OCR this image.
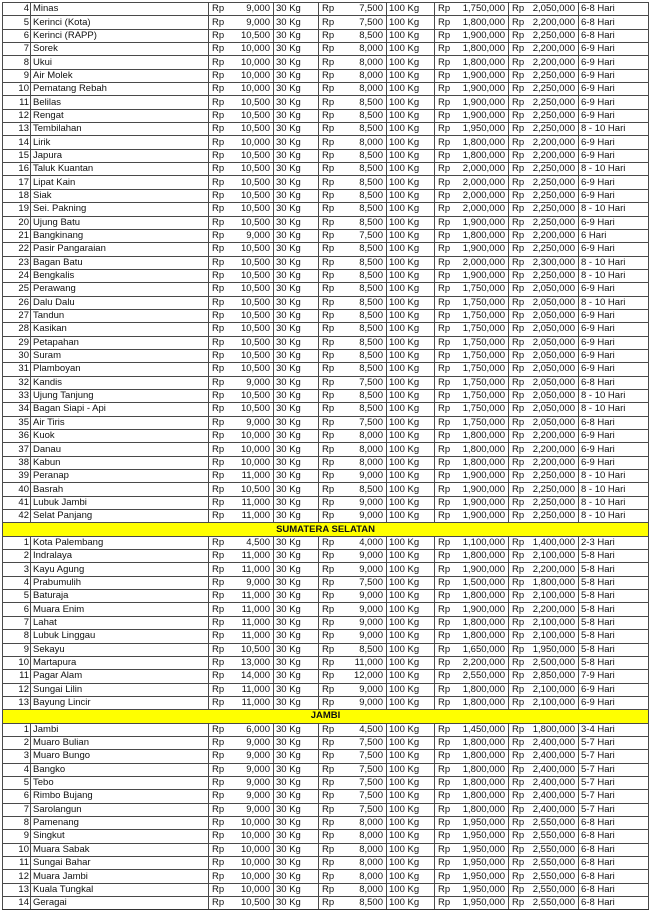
4	Minas	Rp	9,000	30 Kg	Rp	7,500	100 Kg	Rp	1,750,000	Rp	2,050,000	6-8 Hari
5	Kerinci (Kota)	Rp	9,000	30 Kg	Rp	7,500	100 Kg	Rp	1,800,000	Rp	2,200,000	6-8 Hari
6	Kerinci (RAPP)	Rp	10,500	30 Kg	Rp	8,500	100 Kg	Rp	1,900,000	Rp	2,250,000	6-8 Hari
7	Sorek	Rp	10,000	30 Kg	Rp	8,000	100 Kg	Rp	1,800,000	Rp	2,200,000	6-9 Hari
8	Ukui	Rp	10,000	30 Kg	Rp	8,000	100 Kg	Rp	1,800,000	Rp	2,200,000	6-9 Hari
9	Air Molek	Rp	10,000	30 Kg	Rp	8,000	100 Kg	Rp	1,900,000	Rp	2,250,000	6-9 Hari
10	Pematang Rebah	Rp	10,000	30 Kg	Rp	8,000	100 Kg	Rp	1,900,000	Rp	2,250,000	6-9 Hari
11	Belilas	Rp	10,500	30 Kg	Rp	8,500	100 Kg	Rp	1,900,000	Rp	2,250,000	6-9 Hari
12	Rengat	Rp	10,500	30 Kg	Rp	8,500	100 Kg	Rp	1,900,000	Rp	2,250,000	6-9 Hari
13	Tembilahan	Rp	10,500	30 Kg	Rp	8,500	100 Kg	Rp	1,950,000	Rp	2,250,000	8 - 10 Hari
14	Lirik	Rp	10,000	30 Kg	Rp	8,000	100 Kg	Rp	1,800,000	Rp	2,200,000	6-9 Hari
15	Japura	Rp	10,500	30 Kg	Rp	8,500	100 Kg	Rp	1,800,000	Rp	2,200,000	6-9 Hari
16	Taluk Kuantan	Rp	10,500	30 Kg	Rp	8,500	100 Kg	Rp	2,000,000	Rp	2,250,000	8 - 10 Hari
17	Lipat Kain	Rp	10,500	30 Kg	Rp	8,500	100 Kg	Rp	2,000,000	Rp	2,250,000	6-9 Hari
18	Siak	Rp	10,500	30 Kg	Rp	8,500	100 Kg	Rp	2,000,000	Rp	2,250,000	6-9 Hari
19	Sei. Pakning	Rp	10,500	30 Kg	Rp	8,500	100 Kg	Rp	2,000,000	Rp	2,250,000	8 - 10 Hari
20	Ujung Batu	Rp	10,500	30 Kg	Rp	8,500	100 Kg	Rp	1,900,000	Rp	2,250,000	6-9 Hari
21	Bangkinang	Rp	9,000	30 Kg	Rp	7,500	100 Kg	Rp	1,800,000	Rp	2,200,000	6 Hari
22	Pasir Pangaraian	Rp	10,500	30 Kg	Rp	8,500	100 Kg	Rp	1,900,000	Rp	2,250,000	6-9 Hari
23	Bagan Batu	Rp	10,500	30 Kg	Rp	8,500	100 Kg	Rp	2,000,000	Rp	2,300,000	8 - 10 Hari
24	Bengkalis	Rp	10,500	30 Kg	Rp	8,500	100 Kg	Rp	1,900,000	Rp	2,250,000	8 - 10 Hari
25	Perawang	Rp	10,500	30 Kg	Rp	8,500	100 Kg	Rp	1,750,000	Rp	2,050,000	6-9 Hari
26	Dalu Dalu	Rp	10,500	30 Kg	Rp	8,500	100 Kg	Rp	1,750,000	Rp	2,050,000	8 - 10 Hari
27	Tandun	Rp	10,500	30 Kg	Rp	8,500	100 Kg	Rp	1,750,000	Rp	2,050,000	6-9 Hari
28	Kasikan	Rp	10,500	30 Kg	Rp	8,500	100 Kg	Rp	1,750,000	Rp	2,050,000	6-9 Hari
29	Petapahan	Rp	10,500	30 Kg	Rp	8,500	100 Kg	Rp	1,750,000	Rp	2,050,000	6-9 Hari
30	Suram	Rp	10,500	30 Kg	Rp	8,500	100 Kg	Rp	1,750,000	Rp	2,050,000	6-9 Hari
31	Plamboyan	Rp	10,500	30 Kg	Rp	8,500	100 Kg	Rp	1,750,000	Rp	2,050,000	6-9 Hari
32	Kandis	Rp	9,000	30 Kg	Rp	7,500	100 Kg	Rp	1,750,000	Rp	2,050,000	6-8 Hari
33	Ujung Tanjung	Rp	10,500	30 Kg	Rp	8,500	100 Kg	Rp	1,750,000	Rp	2,050,000	8 - 10 Hari
34	Bagan Siapi - Api	Rp	10,500	30 Kg	Rp	8,500	100 Kg	Rp	1,750,000	Rp	2,050,000	8 - 10 Hari
35	Air Tiris	Rp	9,000	30 Kg	Rp	7,500	100 Kg	Rp	1,750,000	Rp	2,050,000	6-8 Hari
36	Kuok	Rp	10,000	30 Kg	Rp	8,000	100 Kg	Rp	1,800,000	Rp	2,200,000	6-9 Hari
37	Danau	Rp	10,000	30 Kg	Rp	8,000	100 Kg	Rp	1,800,000	Rp	2,200,000	6-9 Hari
38	Kabun	Rp	10,000	30 Kg	Rp	8,000	100 Kg	Rp	1,800,000	Rp	2,200,000	6-9 Hari
39	Peranap	Rp	11,000	30 Kg	Rp	9,000	100 Kg	Rp	1,900,000	Rp	2,250,000	8 - 10 Hari
40	Basrah	Rp	10,500	30 Kg	Rp	8,500	100 Kg	Rp	1,900,000	Rp	2,250,000	8 - 10 Hari
41	Lubuk Jambi	Rp	11,000	30 Kg	Rp	9,000	100 Kg	Rp	1,900,000	Rp	2,250,000	8 - 10 Hari
42	Selat Panjang	Rp	11,000	30 Kg	Rp	9,000	100 Kg	Rp	1,900,000	Rp	2,250,000	8 - 10 Hari
SUMATERA SELATAN												
1	Kota Palembang	Rp	4,500	30 Kg	Rp	4,000	100 Kg	Rp	1,100,000	Rp	1,400,000	2-3 Hari
2	Indralaya	Rp	11,000	30 Kg	Rp	9,000	100 Kg	Rp	1,800,000	Rp	2,100,000	5-8 Hari
3	Kayu Agung	Rp	11,000	30 Kg	Rp	9,000	100 Kg	Rp	1,900,000	Rp	2,200,000	5-8 Hari
4	Prabumulih	Rp	9,000	30 Kg	Rp	7,500	100 Kg	Rp	1,500,000	Rp	1,800,000	5-8 Hari
5	Baturaja	Rp	11,000	30 Kg	Rp	9,000	100 Kg	Rp	1,800,000	Rp	2,100,000	5-8 Hari
6	Muara Enim	Rp	11,000	30 Kg	Rp	9,000	100 Kg	Rp	1,900,000	Rp	2,200,000	5-8 Hari
7	Lahat	Rp	11,000	30 Kg	Rp	9,000	100 Kg	Rp	1,800,000	Rp	2,100,000	5-8 Hari
8	Lubuk Linggau	Rp	11,000	30 Kg	Rp	9,000	100 Kg	Rp	1,800,000	Rp	2,100,000	5-8 Hari
9	Sekayu	Rp	10,500	30 Kg	Rp	8,500	100 Kg	Rp	1,650,000	Rp	1,950,000	5-8 Hari
10	Martapura	Rp	13,000	30 Kg	Rp	11,000	100 Kg	Rp	2,200,000	Rp	2,500,000	5-8 Hari
11	Pagar Alam	Rp	14,000	30 Kg	Rp	12,000	100 Kg	Rp	2,550,000	Rp	2,850,000	7-9 Hari
12	Sungai Lilin	Rp	11,000	30 Kg	Rp	9,000	100 Kg	Rp	1,800,000	Rp	2,100,000	6-9 Hari
13	Bayung Lincir	Rp	11,000	30 Kg	Rp	9,000	100 Kg	Rp	1,800,000	Rp	2,100,000	6-9 Hari
JAMBI												
1	Jambi	Rp	6,000	30 Kg	Rp	4,500	100 Kg	Rp	1,450,000	Rp	1,800,000	3-4 Hari
2	Muaro Bulian	Rp	9,000	30 Kg	Rp	7,500	100 Kg	Rp	1,800,000	Rp	2,400,000	5-7 Hari
3	Muaro Bungo	Rp	9,000	30 Kg	Rp	7,500	100 Kg	Rp	1,800,000	Rp	2,400,000	5-7 Hari
4	Bangko	Rp	9,000	30 Kg	Rp	7,500	100 Kg	Rp	1,800,000	Rp	2,400,000	5-7 Hari
5	Tebo	Rp	9,000	30 Kg	Rp	7,500	100 Kg	Rp	1,800,000	Rp	2,400,000	5-7 Hari
6	Rimbo Bujang	Rp	9,000	30 Kg	Rp	7,500	100 Kg	Rp	1,800,000	Rp	2,400,000	5-7 Hari
7	Sarolangun	Rp	9,000	30 Kg	Rp	7,500	100 Kg	Rp	1,800,000	Rp	2,400,000	5-7 Hari
8	Pamenang	Rp	10,000	30 Kg	Rp	8,000	100 Kg	Rp	1,950,000	Rp	2,550,000	6-8 Hari
9	Singkut	Rp	10,000	30 Kg	Rp	8,000	100 Kg	Rp	1,950,000	Rp	2,550,000	6-8 Hari
10	Muara Sabak	Rp	10,000	30 Kg	Rp	8,000	100 Kg	Rp	1,950,000	Rp	2,550,000	6-8 Hari
11	Sungai Bahar	Rp	10,000	30 Kg	Rp	8,000	100 Kg	Rp	1,950,000	Rp	2,550,000	6-8 Hari
12	Muara Jambi	Rp	10,000	30 Kg	Rp	8,000	100 Kg	Rp	1,950,000	Rp	2,550,000	6-8 Hari
13	Kuala Tungkal	Rp	10,000	30 Kg	Rp	8,000	100 Kg	Rp	1,950,000	Rp	2,550,000	6-8 Hari
14	Geragai	Rp	10,500	30 Kg	Rp	8,500	100 Kg	Rp	1,950,000	Rp	2,550,000	6-8 Hari
